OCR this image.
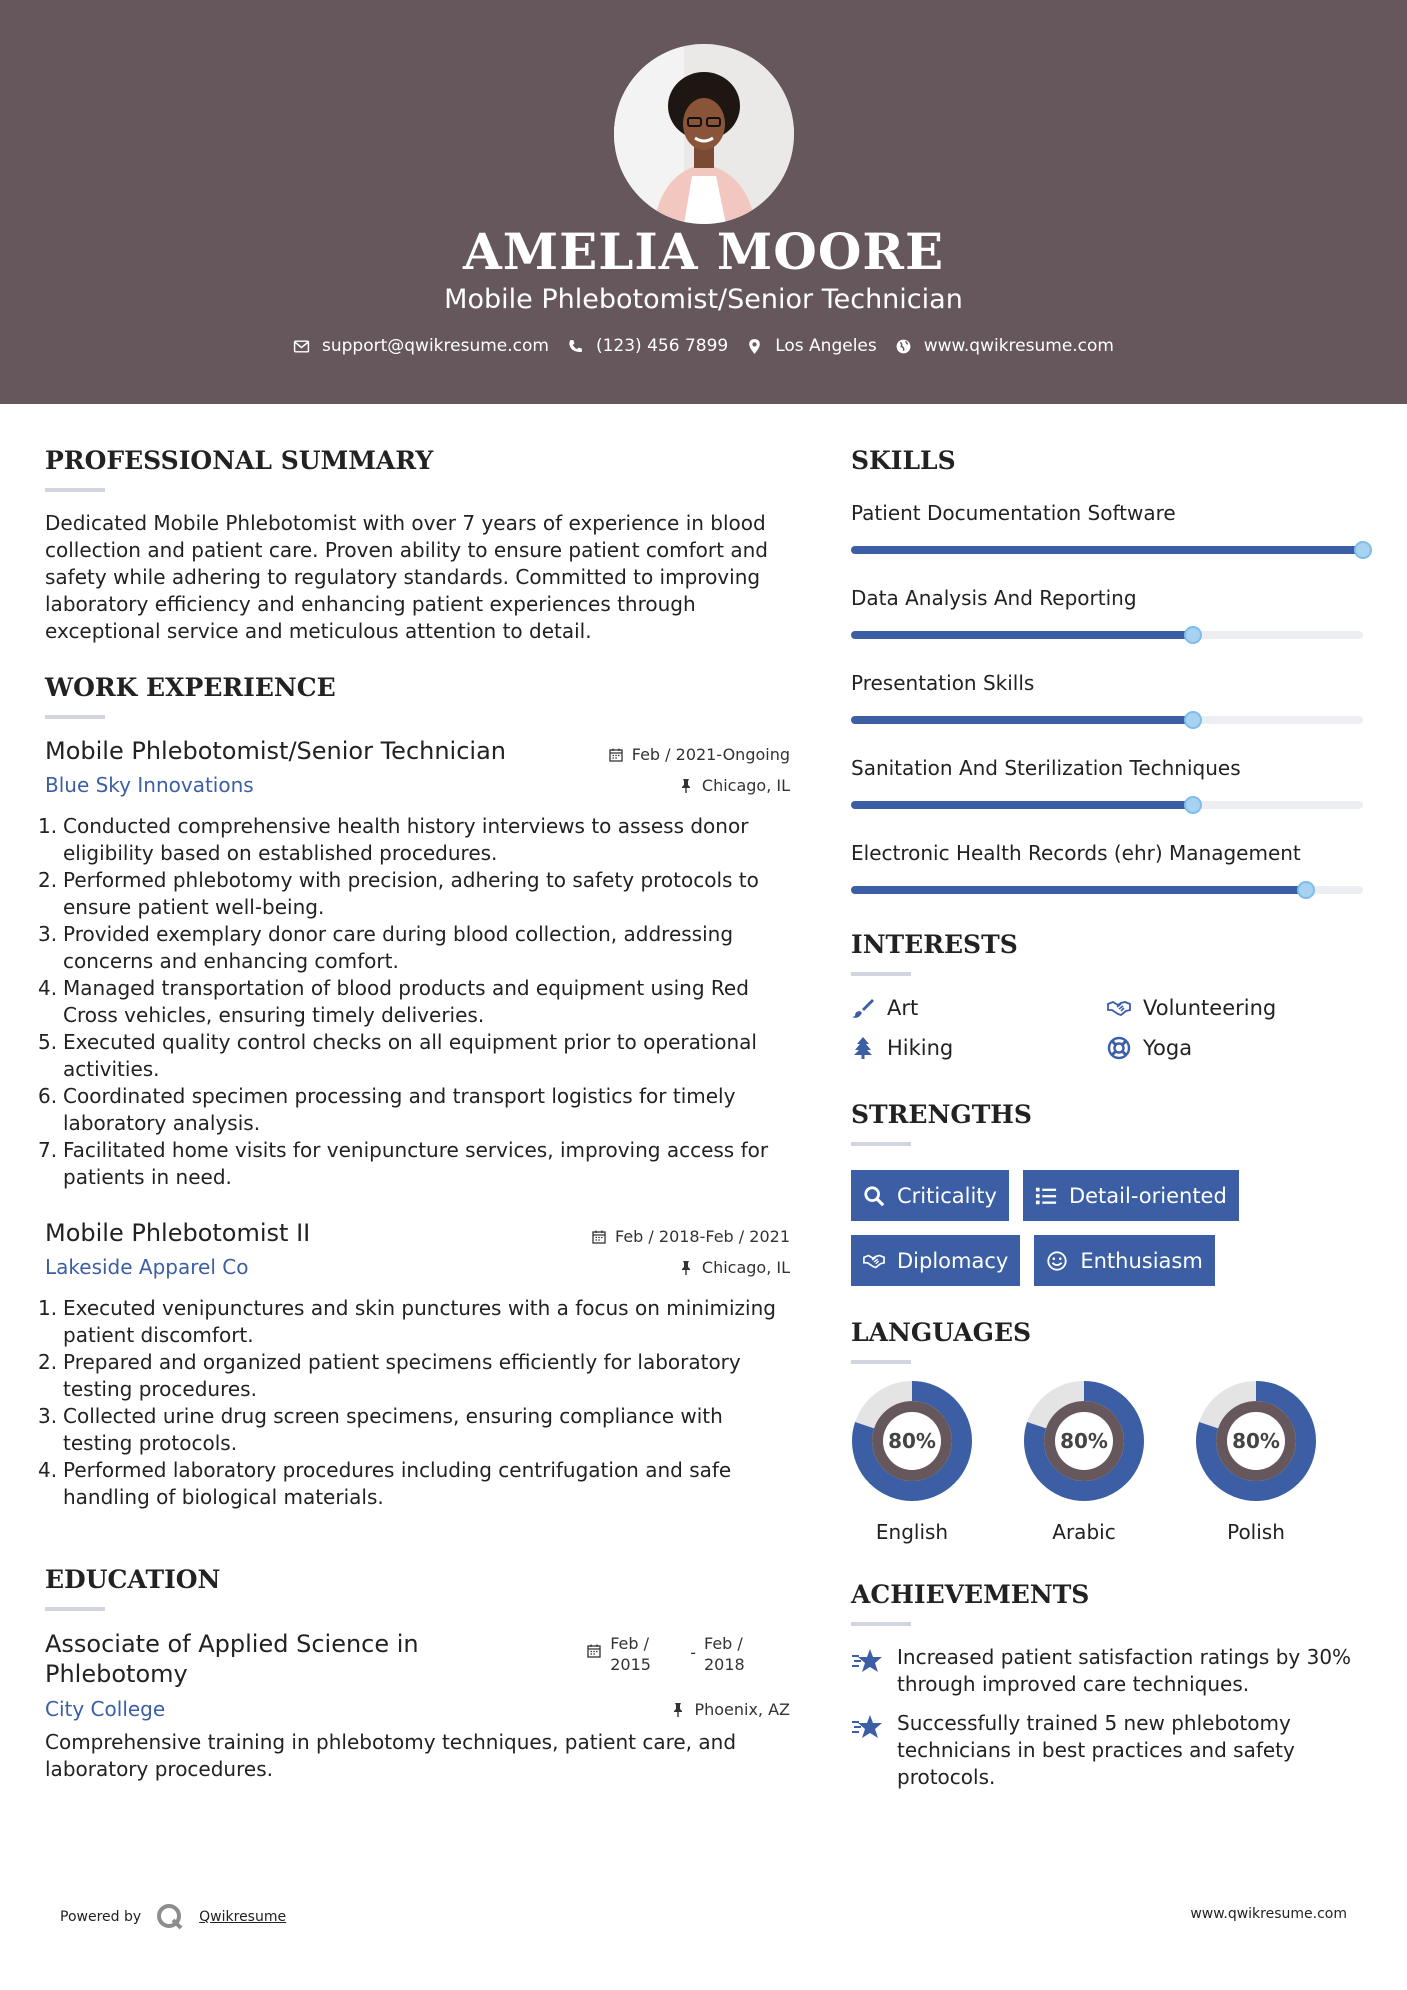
AMELIA MOORE
Mobile Phlebotomist/Senior Technician
support@qwikresume.com	(123) 456 7899	Los Angeles	www.qwikresume.com
PROFESSIONAL SUMMARY
Dedicated Mobile Phlebotomist with over 7 years of experience in blood collection and patient care. Proven ability to ensure patient comfort and safety while adhering to regulatory standards. Committed to improving laboratory efficiency and enhancing patient experiences through exceptional service and meticulous attention to detail.
WORK EXPERIENCE
Mobile Phlebotomist/Senior Technician	Feb / 2021-Ongoing
Blue Sky Innovations	Chicago, IL
1. Conducted comprehensive health history interviews to assess donor eligibility based on established procedures.
2. Performed phlebotomy with precision, adhering to safety protocols to ensure patient well-being.
3. Provided exemplary donor care during blood collection, addressing concerns and enhancing comfort.
4. Managed transportation of blood products and equipment using Red Cross vehicles, ensuring timely deliveries.
5. Executed quality control checks on all equipment prior to operational activities.
6. Coordinated specimen processing and transport logistics for timely laboratory analysis.
7. Facilitated home visits for venipuncture services, improving access for patients in need.
Mobile Phlebotomist II	Feb / 2018-Feb / 2021
Lakeside Apparel Co	Chicago, IL
1. Executed venipunctures and skin punctures with a focus on minimizing patient discomfort.
2. Prepared and organized patient specimens efficiently for laboratory testing procedures.
3. Collected urine drug screen specimens, ensuring compliance with testing protocols.
4. Performed laboratory procedures including centrifugation and safe handling of biological materials.
EDUCATION
Associate of Applied Science in Phlebotomy
Feb / 2015
- Feb / 2018
City College	Phoenix, AZ
Comprehensive training in phlebotomy techniques, patient care, and laboratory procedures.
SKILLS
Patient Documentation Software
Data Analysis And Reporting
Presentation Skills
Sanitation And Sterilization Techniques
Electronic Health Records (ehr) Management
INTERESTS
Art	Volunteering
Hiking	Yoga
STRENGTHS
Criticality	Detail-oriented
Diplomacy	Enthusiasm
LANGUAGES
80%
English
80%
Arabic
80%
Polish
ACHIEVEMENTS
Increased patient satisfaction ratings by 30% through improved care techniques.
Successfully trained 5 new phlebotomy technicians in best practices and safety protocols.
Powered by	Qwikresume	www.qwikresume.com
